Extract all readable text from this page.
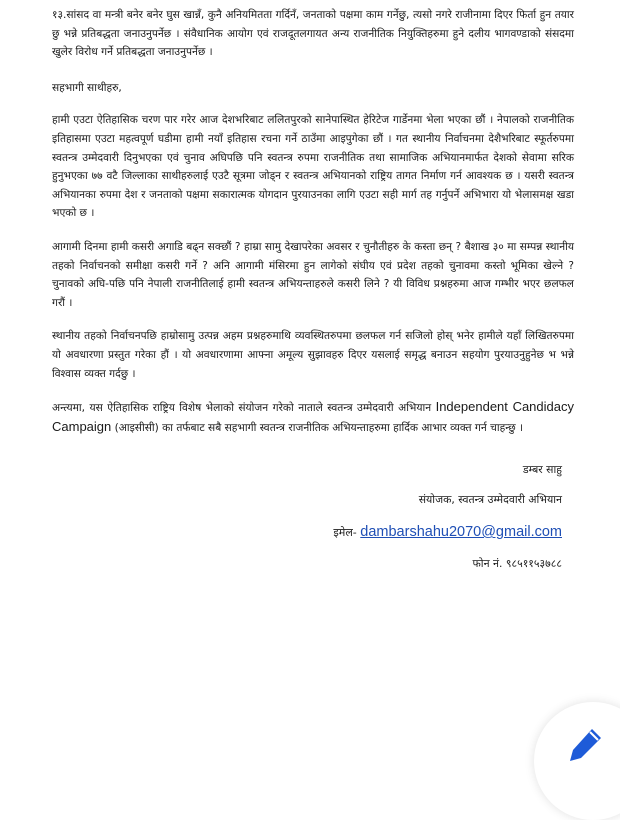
१३.सांसद वा मन्त्री बनेर बनेर घुस खान्नँ, कुनै अनियमितता गर्दिनँ, जनताको पक्षमा काम गर्नेछु, त्यसो नगरे राजीनामा दिएर फिर्ता हुन तयार छु भन्ने प्रतिबद्धता जनाउनुपर्नेछ । संवैधानिक आयोग एवं राजदूतलगायत अन्य राजनीतिक नियुक्तिहरुमा हुने दलीय भागवण्डाको संसदमा खुलेर विरोध गर्ने प्रतिबद्धता जनाउनुपर्नेछ ।

सहभागी साथीहरु,

हामी एउटा ऐतिहासिक चरण पार गरेर आज देशभरिबाट ललितपुरको सानेपास्थित हेरिटेज गार्डेनमा भेला भएका छौं । नेपालको राजनीतिक इतिहासमा एउटा महत्वपूर्ण घडीमा हामी नयाँ इतिहास रचना गर्ने ठाउँमा आइपुगेका छौं । गत स्थानीय निर्वाचनमा देशैभरिबाट स्फूर्तरुपमा स्वतन्त्र उम्मेदवारी दिनुभएका एवं चुनाव अघिपछि पनि स्वतन्त्र रुपमा राजनीतिक तथा सामाजिक अभियानमार्फत देशको सेवामा सरिक हुनुभएका ७७ वटै जिल्लाका साथीहरुलाई एउटै सूत्रमा जोड्न र स्वतन्त्र अभियानको राष्ट्रिय तागत निर्माण गर्न आवश्यक छ । यसरी स्वतन्त्र अभियानका रुपमा देश र जनताको पक्षमा सकारात्मक योगदान पुरयाउनका लागि एउटा सही मार्ग तह गर्नुपर्ने अभिभारा यो भेलासमक्ष खडा भएको छ ।

आगामी दिनमा हामी कसरी अगाडि बढ्न सक्छौं ? हाम्रा सामु देखापरेका अवसर र चुनौतीहरु के कस्ता छन् ? बैशाख ३० मा सम्पन्न स्थानीय तहको निर्वाचनको समीक्षा कसरी गर्ने ? अनि आगामी मंसिरमा हुन लागेको संघीय एवं प्रदेश तहको चुनावमा कस्तो भूमिका खेल्ने ? चुनावको अघि-पछि पनि नेपाली राजनीतिलाई हामी स्वतन्त्र अभियन्ताहरुले कसरी लिने ? यी विविध प्रश्नहरुमा आज गम्भीर भएर छलफल गरौं ।

स्थानीय तहको निर्वाचनपछि हाम्रोसामु उत्पन्न अहम प्रश्नहरुमाथि व्यवस्थितरुपमा छलफल गर्न सजिलो होस् भनेर हामीले यहाँ लिखितरुपमा यो अवधारणा प्रस्तुत गरेका हौं । यो अवधारणामा आफ्ना अमूल्य सुझावहरु दिएर यसलाई समृद्ध बनाउन सहयोग पुरयाउनुहुनेछ भ भन्ने विश्वास व्यक्त गर्दछु ।

अन्त्यमा, यस ऐतिहासिक राष्ट्रिय विशेष भेलाको संयोजन गरेको नाताले स्वतन्त्र उम्मेदवारी अभियान Independent Candidacy Campaign (आइसीसी) का तर्फबाट सबै सहभागी स्वतन्त्र राजनीतिक अभियन्ताहरुमा हार्दिक आभार व्यक्त गर्न चाहन्छु ।

डम्बर साहु
संयोजक, स्वतन्त्र उम्मेदवारी अभियान
इमेल- dambarshahu2070@gmail.com
फोन नं. ९८५११५३७८८
